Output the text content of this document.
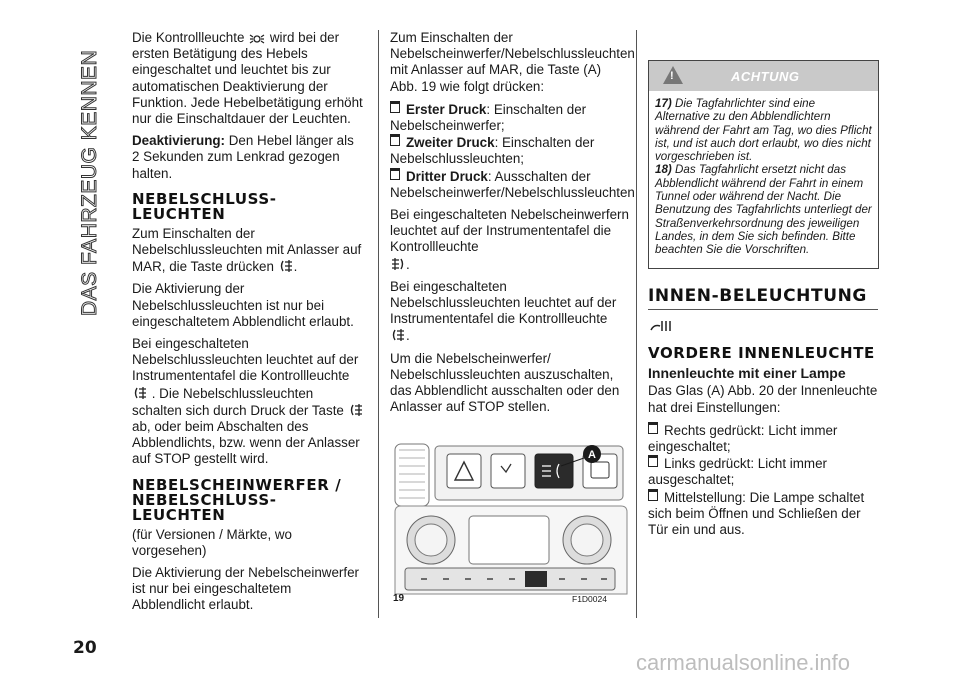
DAS FAHRZEUG KENNEN

Die Kontrollleuchte wird bei der ersten Betätigung des Hebels eingeschaltet und leuchtet bis zur automatischen Deaktivierung der Funktion. Jede Hebelbetätigung erhöht nur die Einschaltdauer der Leuchten.

Deaktivierung: Den Hebel länger als 2 Sekunden zum Lenkrad gezogen halten.

NEBELSCHLUSS-LEUCHTEN

Zum Einschalten der Nebelschlussleuchten mit Anlasser auf MAR, die Taste drücken .

Die Aktivierung der Nebelschlussleuchten ist nur bei eingeschaltetem Abblendlicht erlaubt.

Bei eingeschalteten Nebelschlussleuchten leuchtet auf der Instrumententafel die Kontrollleuchte  . Die Nebelschlussleuchten schalten sich durch Druck der Taste  ab, oder beim Abschalten des Abblendlichts, bzw. wenn der Anlasser auf STOP gestellt wird.

NEBELSCHEINWERFER / NEBELSCHLUSS-LEUCHTEN

(für Versionen / Märkte, wo vorgesehen)

Die Aktivierung der Nebelscheinwerfer ist nur bei eingeschaltetem Abblendlicht erlaubt.

Zum Einschalten der Nebelscheinwerfer/Nebelschlussleuchten mit Anlasser auf MAR, die Taste (A) Abb. 19 wie folgt drücken:

Erster Druck: Einschalten der Nebelscheinwerfer;

Zweiter Druck: Einschalten der Nebelschlussleuchten;

Dritter Druck: Ausschalten der Nebelscheinwerfer/Nebelschlussleuchten

Bei eingeschalteten Nebelscheinwerfern leuchtet auf der Instrumententafel die Kontrollleuchte
.

Bei eingeschalteten Nebelschlussleuchten leuchtet auf der Instrumententafel die Kontrollleuchte
.

Um die Nebelscheinwerfer/ Nebelschlussleuchten auszuschalten, das Abblendlicht ausschalten oder den Anlasser auf STOP stellen.

A
19	F1D0024
!
ACHTUNG

17) Die Tagfahrlichter sind eine Alternative zu den Abblendlichtern während der Fahrt am Tag, wo dies Pflicht ist, und ist auch dort erlaubt, wo dies nicht vorgeschrieben ist.

18) Das Tagfahrlicht ersetzt nicht das Abblendlicht während der Fahrt in einem Tunnel oder während der Nacht. Die Benutzung des Tagfahrlichts unterliegt der Straßenverkehrsordnung des jeweiligen Landes, in dem Sie sich befinden. Bitte beachten Sie die Vorschriften.

INNEN-BELEUCHTUNG
VORDERE INNENLEUCHTE
Innenleuchte mit einer Lampe

Das Glas (A) Abb. 20 der Innenleuchte hat drei Einstellungen:

Rechts gedrückt: Licht immer eingeschaltet;

Links gedrückt: Licht immer ausgeschaltet;

Mittelstellung: Die Lampe schaltet sich beim Öffnen und Schließen der Tür ein und aus.

20
carmanualsonline.info
